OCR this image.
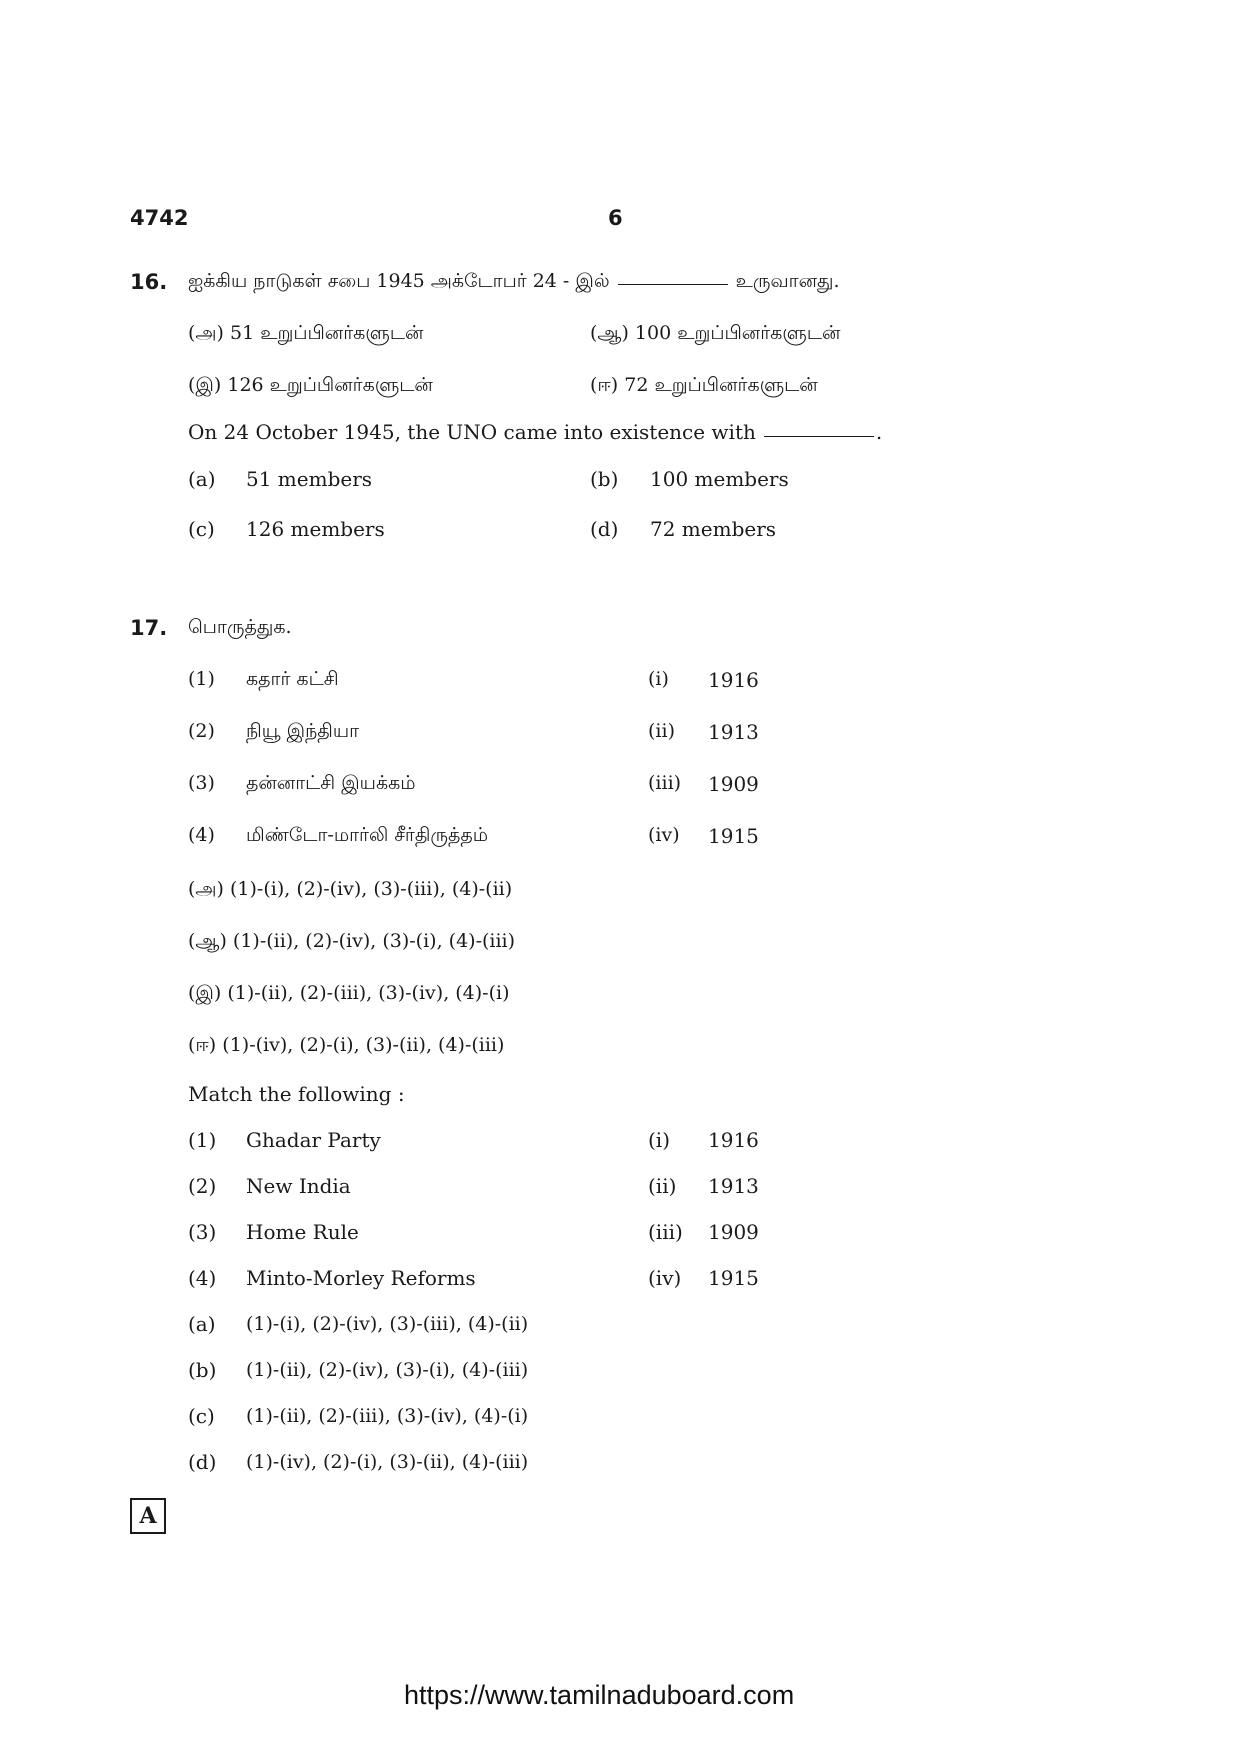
4742	6
16. ஐக்கிய நாடுகள் சபை 1945 அக்டோபர் 24 - இல்	உருவானது.
(அ) 51 உறுப்பினர்களுடன்	(ஆ) 100 உறுப்பினர்களுடன்
(இ) 126 உறுப்பினர்களுடன்	(ஈ) 72 உறுப்பினர்களுடன்
On 24 October 1945, the UNO came into existence with	.
(a) 51 members	(b) 100 members
(c) 126 members	(d) 72 members
17. பொருத்துக.
(1) கதார் கட்சி	(i) 1916
(2) நியூ இந்தியா	(ii) 1913
(3) தன்னாட்சி இயக்கம்	(iii) 1909
(4) மிண்டோ-மார்லி சீர்திருத்தம்	(iv) 1915
(அ) (1)-(i), (2)-(iv), (3)-(iii), (4)-(ii)
(ஆ) (1)-(ii), (2)-(iv), (3)-(i), (4)-(iii)
(இ) (1)-(ii), (2)-(iii), (3)-(iv), (4)-(i)
(ஈ) (1)-(iv), (2)-(i), (3)-(ii), (4)-(iii)
Match the following :
(1) Ghadar Party	(i) 1916
(2) New India	(ii) 1913
(3) Home Rule	(iii) 1909
(4) Minto-Morley Reforms	(iv) 1915
(a) (1)-(i), (2)-(iv), (3)-(iii), (4)-(ii)
(b) (1)-(ii), (2)-(iv), (3)-(i), (4)-(iii)
(c) (1)-(ii), (2)-(iii), (3)-(iv), (4)-(i)
(d) (1)-(iv), (2)-(i), (3)-(ii), (4)-(iii)
A
https://www.tamilnaduboard.com
